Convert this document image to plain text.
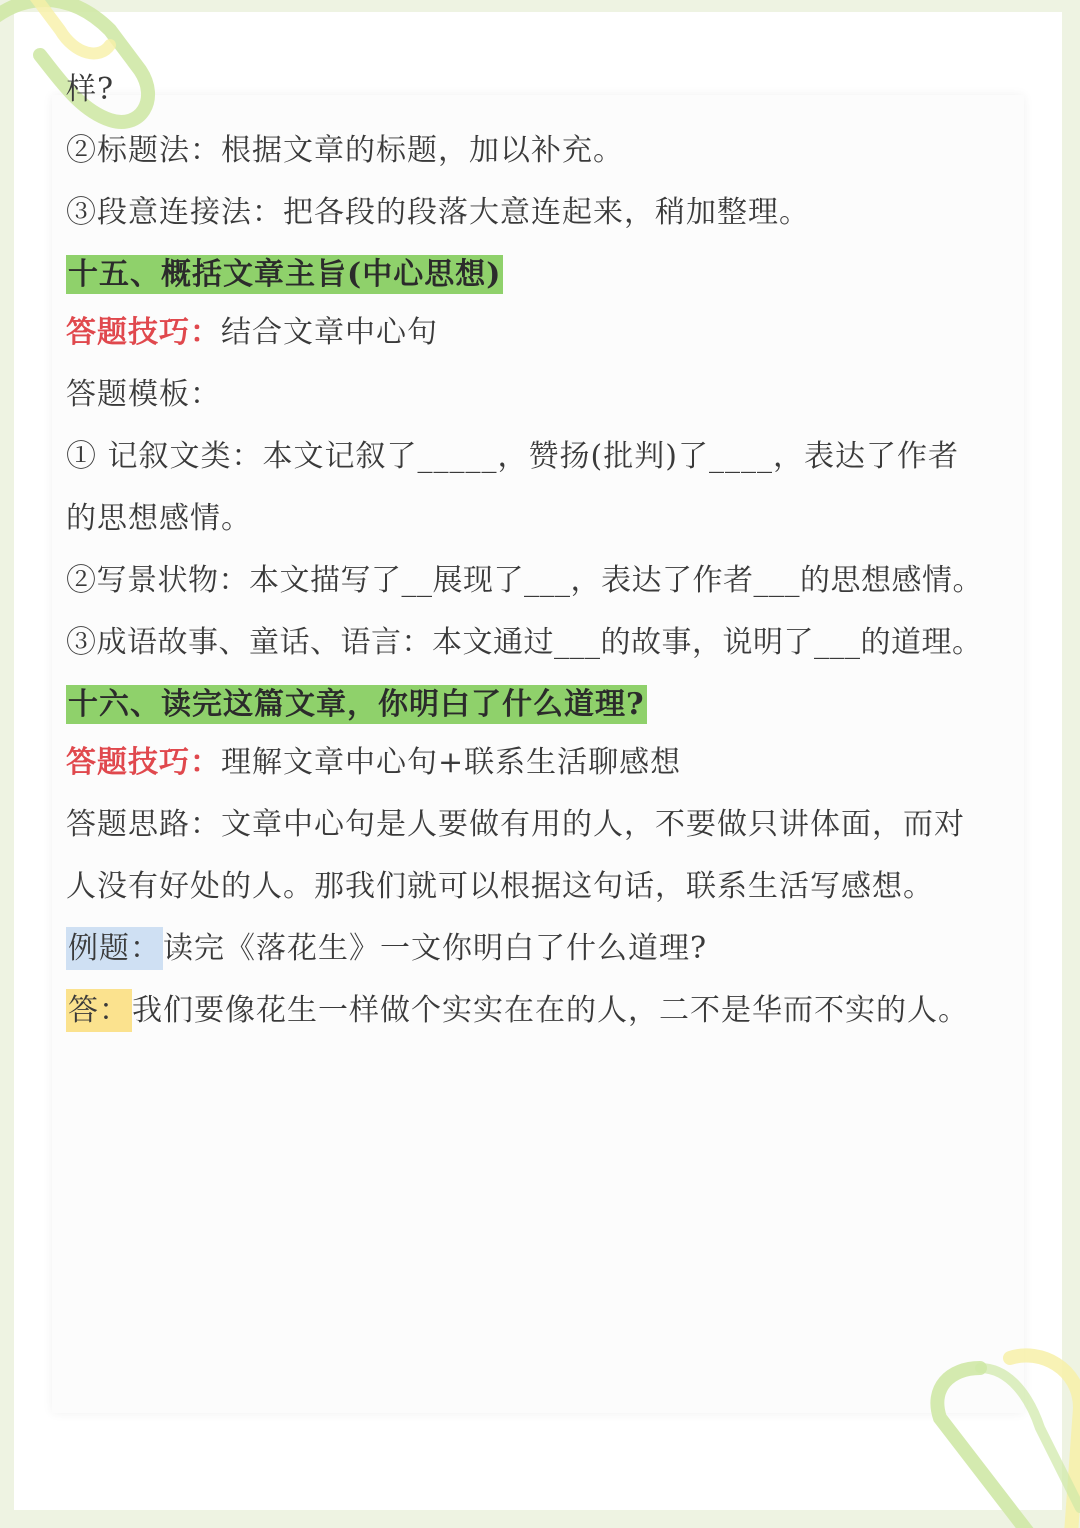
样?

②标题法：根据文章的标题，加以补充。

③段意连接法：把各段的段落大意连起来，稍加整理。

十五、概括文章主旨(中心思想)

答题技巧：结合文章中心句

答题模板：

① 记叙文类：本文记叙了_____，赞扬(批判)了____，表达了作者

的思想感情。

②写景状物：本文描写了__展现了___，表达了作者___的思想感情。

③成语故事、童话、语言：本文通过___的故事，说明了___的道理。

十六、读完这篇文章，你明白了什么道理?

答题技巧：理解文章中心句+联系生活聊感想

答题思路：文章中心句是人要做有用的人，不要做只讲体面，而对

人没有好处的人。那我们就可以根据这句话，联系生活写感想。

例题：读完《落花生》一文你明白了什么道理?

答：我们要像花生一样做个实实在在的人，二不是华而不实的人。
